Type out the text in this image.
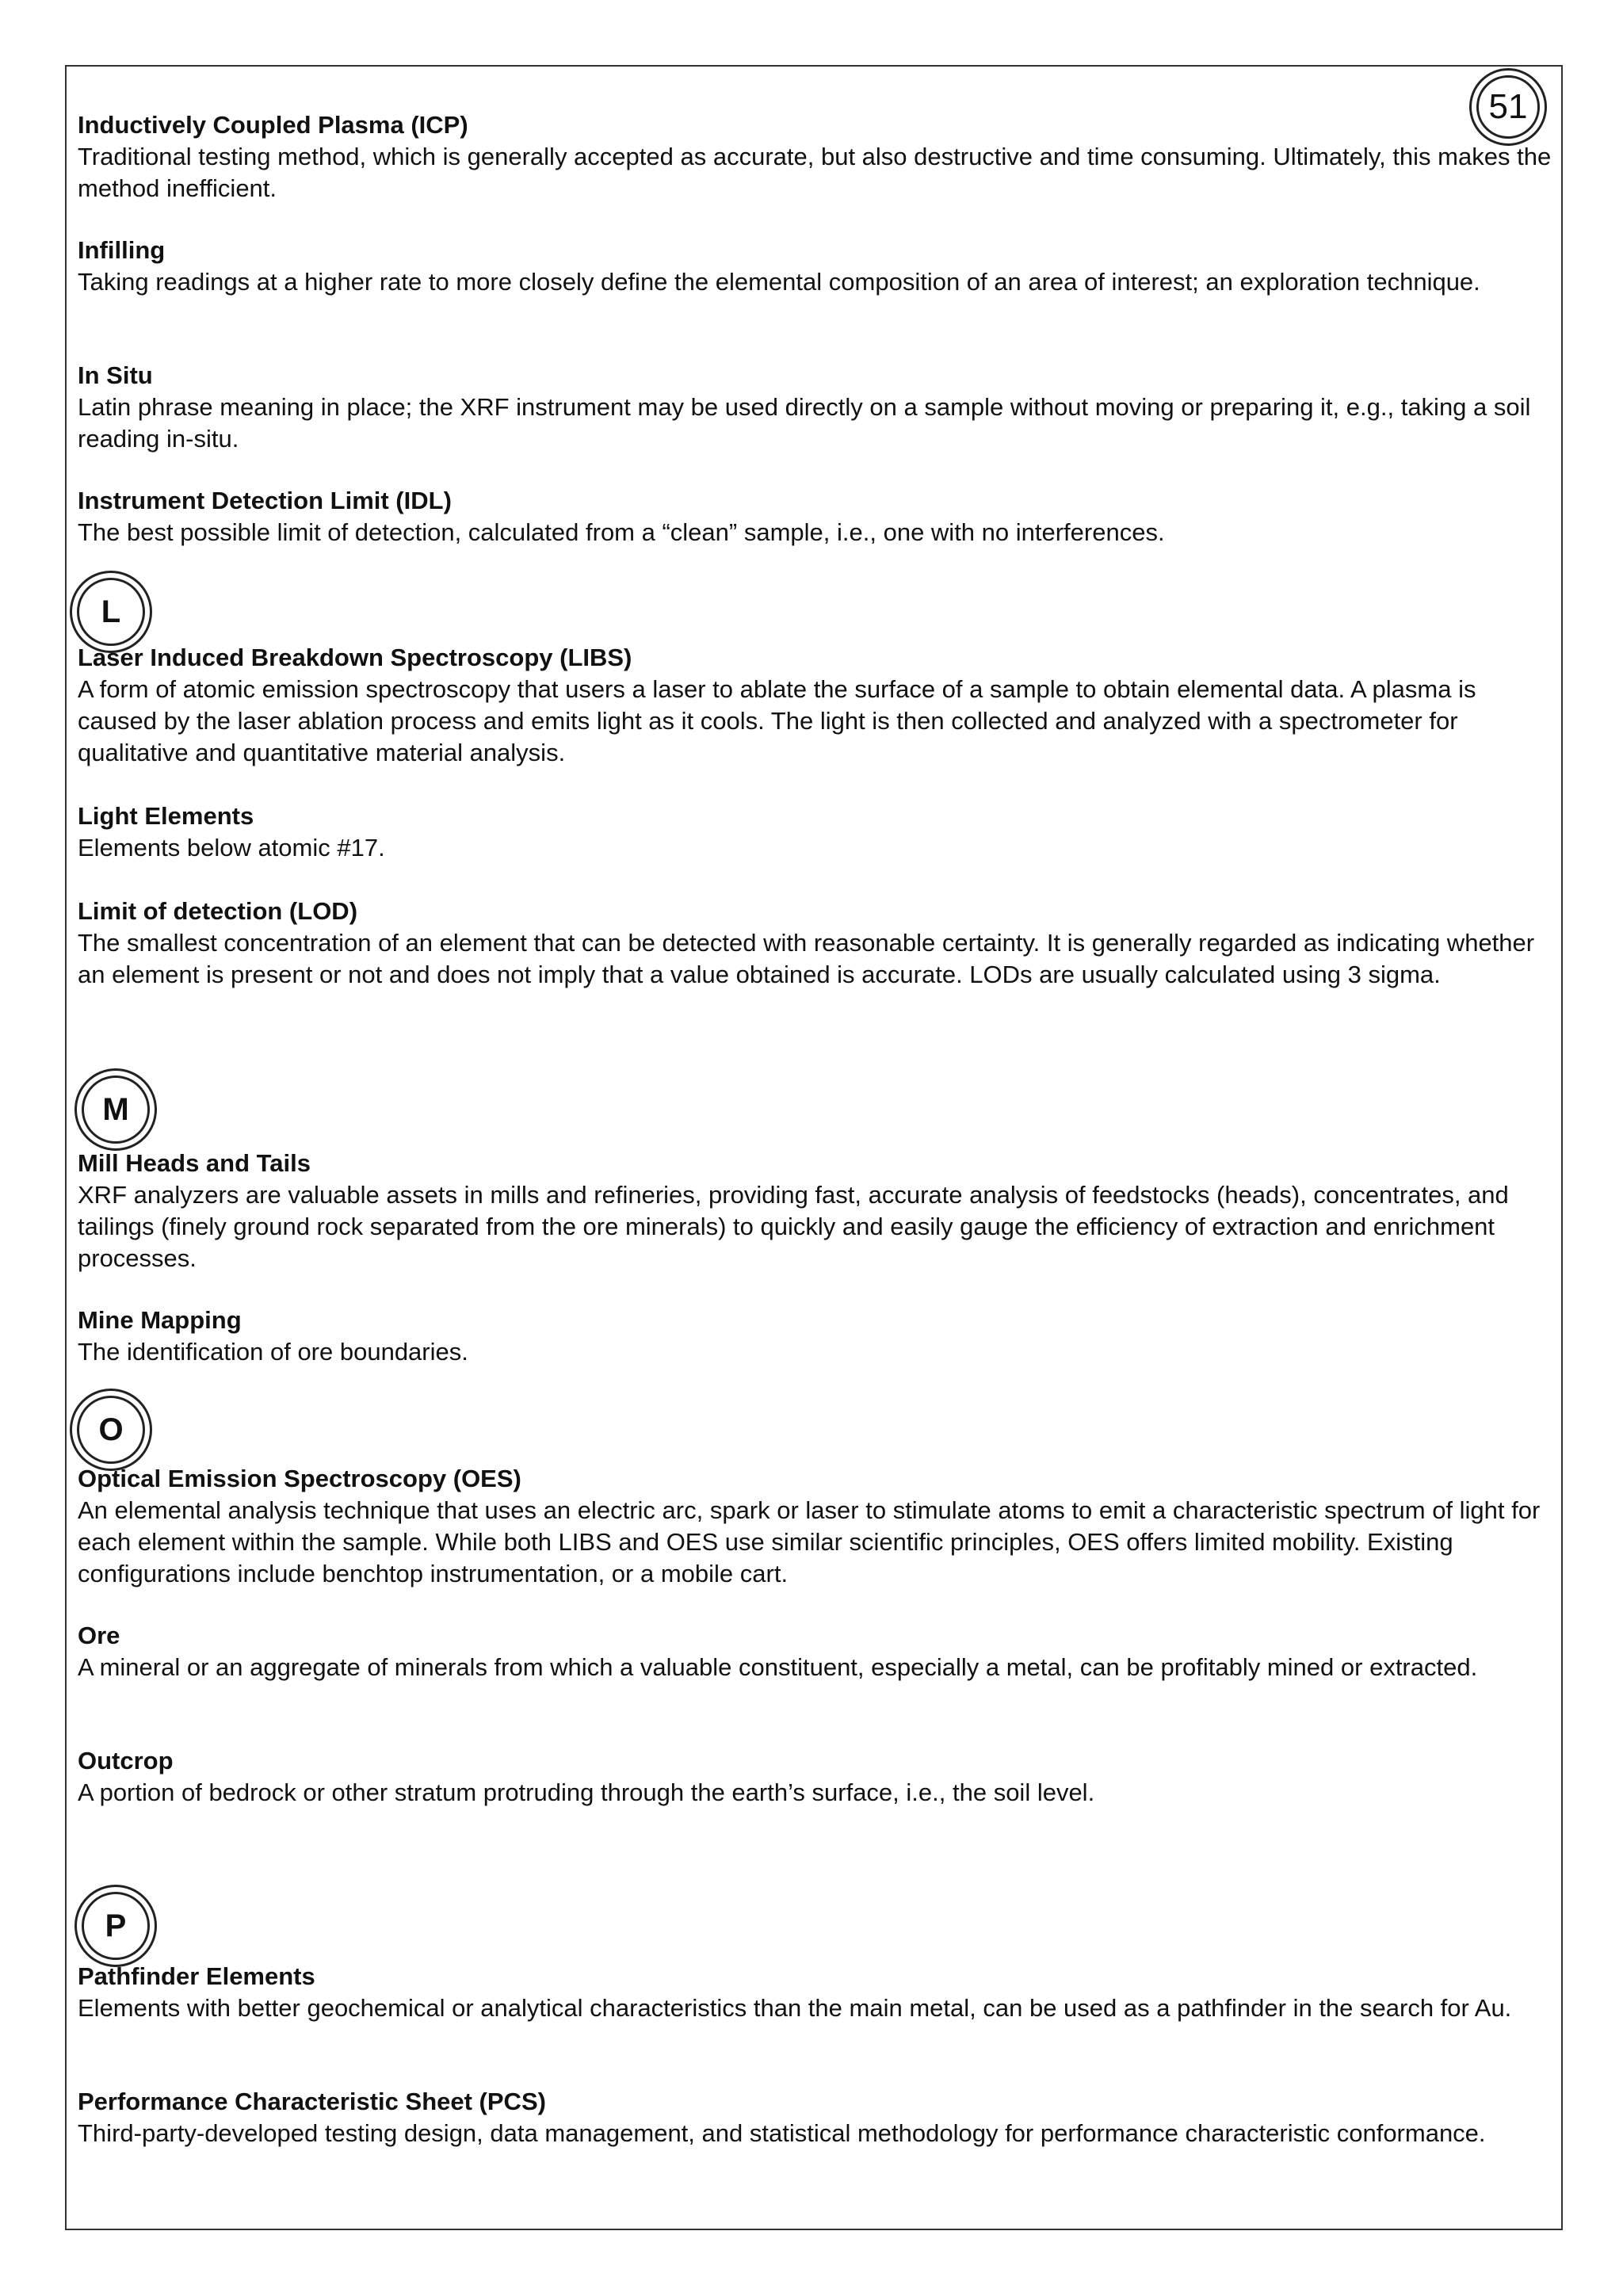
51
Inductively Coupled Plasma (ICP)
Traditional testing method, which is generally accepted as accurate, but also destructive and time consuming. Ultimately, this makes the method inefficient.
Infilling
Taking readings at a higher rate to more closely define the elemental composition of an area of interest; an exploration technique.
In Situ
Latin phrase meaning in place; the XRF instrument may be used directly on a sample without moving or preparing it, e.g., taking a soil reading in-situ.
Instrument Detection Limit (IDL)
The best possible limit of detection, calculated from a “clean” sample, i.e., one with no interferences.
L
Laser Induced Breakdown Spectroscopy (LIBS)
A form of atomic emission spectroscopy that users a laser to ablate the surface of a sample to obtain elemental data. A plasma is caused by the laser ablation process and emits light as it cools. The light is then collected and analyzed with a spectrometer for qualitative and quantitative material analysis.
Light Elements
Elements below atomic #17.
Limit of detection (LOD)
The smallest concentration of an element that can be detected with reasonable certainty. It is generally regarded as indicating whether an element is present or not and does not imply that a value obtained is accurate. LODs are usually calculated using 3 sigma.
M
Mill Heads and Tails
XRF analyzers are valuable assets in mills and refineries, providing fast, accurate analysis of feedstocks (heads), concentrates, and tailings (finely ground rock separated from the ore minerals) to quickly and easily gauge the efficiency of extraction and enrichment processes.
Mine Mapping
The identification of ore boundaries.
O
Optical Emission Spectroscopy (OES)
An elemental analysis technique that uses an electric arc, spark or laser to stimulate atoms to emit a characteristic spectrum of light for each element within the sample. While both LIBS and OES use similar scientific principles, OES offers limited mobility. Existing configurations include benchtop instrumentation, or a mobile cart.
Ore
A mineral or an aggregate of minerals from which a valuable constituent, especially a metal, can be profitably mined or extracted.
Outcrop
A portion of bedrock or other stratum protruding through the earth’s surface, i.e., the soil level.
P
Pathfinder Elements
Elements with better geochemical or analytical characteristics than the main metal, can be used as a pathfinder in the search for Au.
Performance Characteristic Sheet (PCS)
Third-party-developed testing design, data management, and statistical methodology for performance characteristic conformance.
